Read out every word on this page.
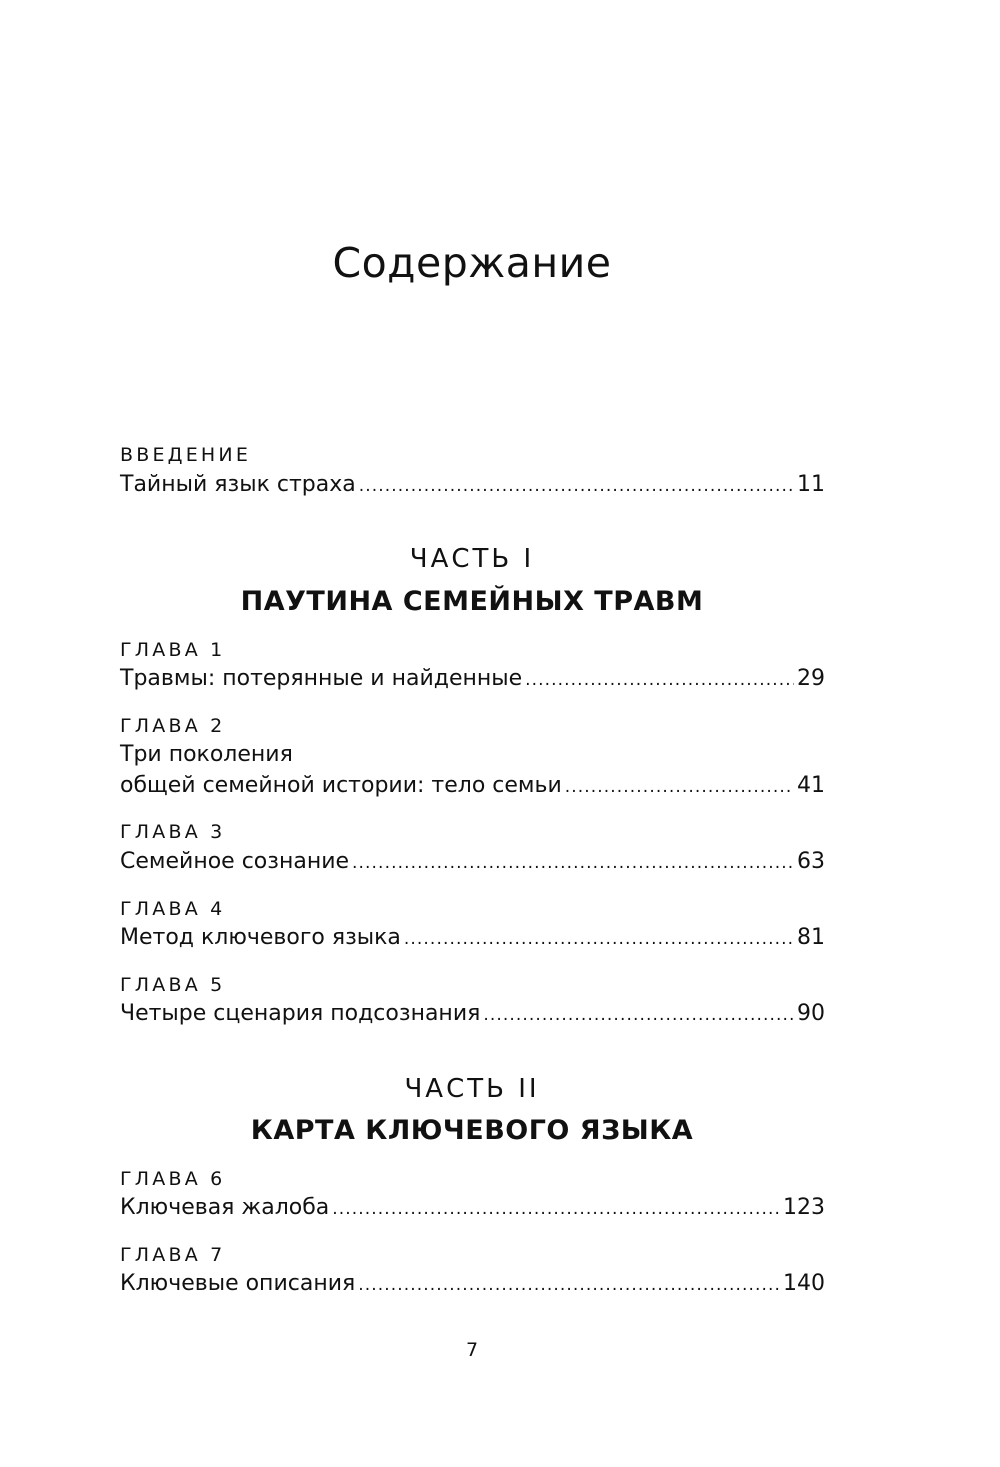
Содержание
ВВЕДЕНИЕ
Тайный язык страха .....	11
ЧАСТЬ I
ПАУТИНА СЕМЕЙНЫХ ТРАВМ
ГЛАВА 1
Травмы: потерянные и найденные .....	29
ГЛАВА 2
Три поколения
общей семейной истории: тело семьи .....	41
ГЛАВА 3
Семейное сознание .....	63
ГЛАВА 4
Метод ключевого языка .....	81
ГЛАВА 5
Четыре сценария подсознания .....	90
ЧАСТЬ II
КАРТА КЛЮЧЕВОГО ЯЗЫКА
ГЛАВА 6
Ключевая жалоба .....	123
ГЛАВА 7
Ключевые описания .....	140
7
